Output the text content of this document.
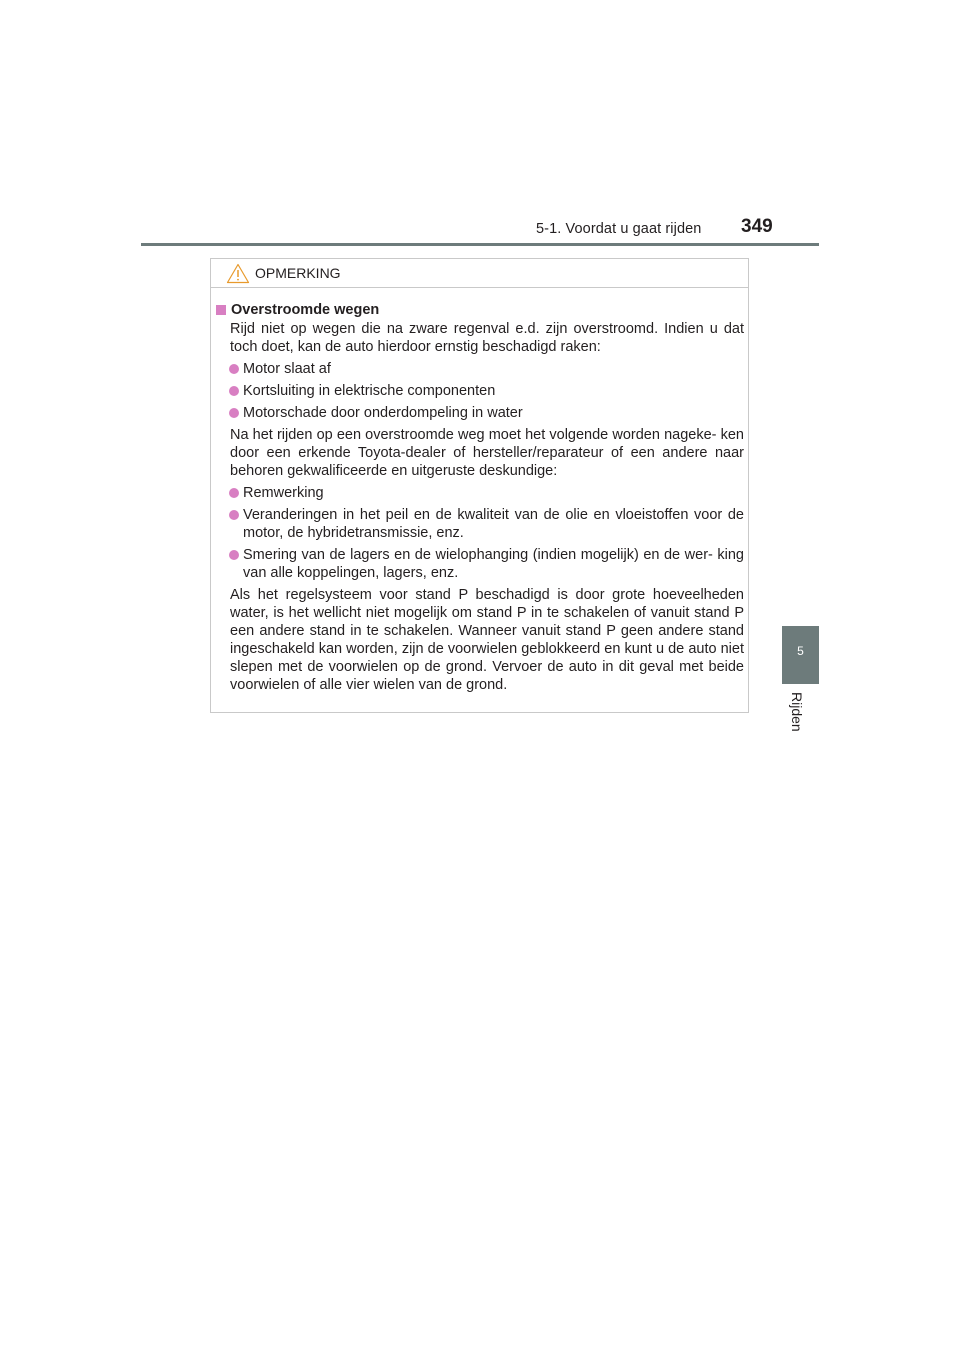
5-1. Voordat u gaat rijden 349
5
Rijden
OPMERKING
Overstroomde wegen
Rijd niet op wegen die na zware regenval e.d. zijn overstroomd. Indien u dat toch doet, kan de auto hierdoor ernstig beschadigd raken:
Motor slaat af
Kortsluiting in elektrische componenten
Motorschade door onderdompeling in water
Na het rijden op een overstroomde weg moet het volgende worden nageke- ken door een erkende Toyota-dealer of hersteller/reparateur of een andere naar behoren gekwalificeerde en uitgeruste deskundige:
Remwerking
Veranderingen in het peil en de kwaliteit van de olie en vloeistoffen voor de motor, de hybridetransmissie, enz.
Smering van de lagers en de wielophanging (indien mogelijk) en de wer- king van alle koppelingen, lagers, enz.
Als het regelsysteem voor stand P beschadigd is door grote hoeveelheden water, is het wellicht niet mogelijk om stand P in te schakelen of vanuit stand P een andere stand in te schakelen. Wanneer vanuit stand P geen andere stand ingeschakeld kan worden, zijn de voorwielen geblokkeerd en kunt u de auto niet slepen met de voorwielen op de grond. Vervoer de auto in dit geval met beide voorwielen of alle vier wielen van de grond.
